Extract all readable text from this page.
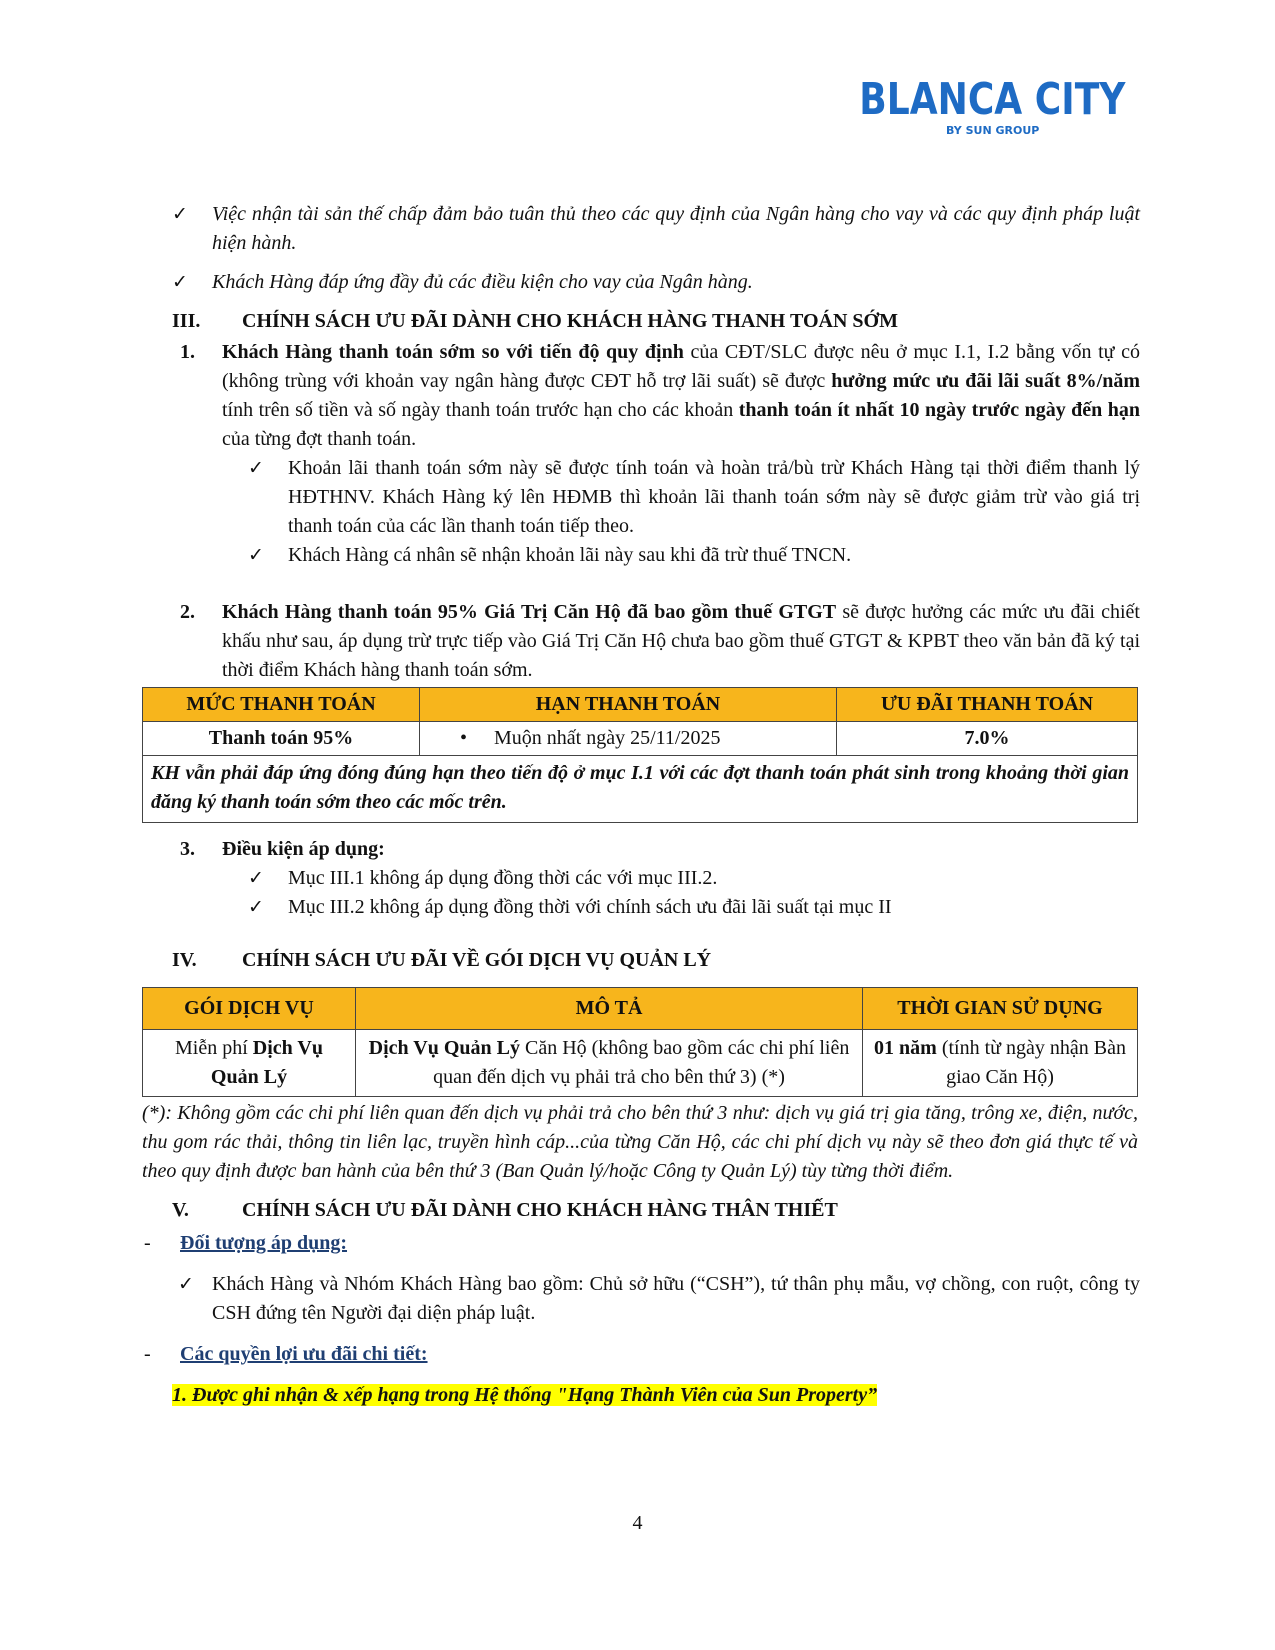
BLANCA CITY
BY SUN GROUP
✓	Việc nhận tài sản thế chấp đảm bảo tuân thủ theo các quy định của Ngân hàng cho vay và các quy định pháp luật hiện hành.
✓	Khách Hàng đáp ứng đầy đủ các điều kiện cho vay của Ngân hàng.
III.	CHÍNH SÁCH ƯU ĐÃI DÀNH CHO KHÁCH HÀNG THANH TOÁN SỚM
1.	Khách Hàng thanh toán sớm so với tiến độ quy định của CĐT/SLC được nêu ở mục I.1, I.2 bằng vốn tự có (không trùng với khoản vay ngân hàng được CĐT hỗ trợ lãi suất) sẽ được hưởng mức ưu đãi lãi suất 8%/năm tính trên số tiền và số ngày thanh toán trước hạn cho các khoản thanh toán ít nhất 10 ngày trước ngày đến hạn của từng đợt thanh toán.
✓	Khoản lãi thanh toán sớm này sẽ được tính toán và hoàn trả/bù trừ Khách Hàng tại thời điểm thanh lý HĐTHNV. Khách Hàng ký lên HĐMB thì khoản lãi thanh toán sớm này sẽ được giảm trừ vào giá trị thanh toán của các lần thanh toán tiếp theo.
✓	Khách Hàng cá nhân sẽ nhận khoản lãi này sau khi đã trừ thuế TNCN.
2.	Khách Hàng thanh toán 95% Giá Trị Căn Hộ đã bao gồm thuế GTGT sẽ được hưởng các mức ưu đãi chiết khấu như sau, áp dụng trừ trực tiếp vào Giá Trị Căn Hộ chưa bao gồm thuế GTGT & KPBT theo văn bản đã ký tại thời điểm Khách hàng thanh toán sớm.
MỨC THANH TOÁN	HẠN THANH TOÁN	ƯU ĐÃI THANH TOÁN
Thanh toán 95%	• Muộn nhất ngày 25/11/2025	7.0%
KH vẫn phải đáp ứng đóng đúng hạn theo tiến độ ở mục I.1 với các đợt thanh toán phát sinh trong khoảng thời gian đăng ký thanh toán sớm theo các mốc trên.		
3.	Điều kiện áp dụng:
✓	Mục III.1 không áp dụng đồng thời các với mục III.2.
✓	Mục III.2 không áp dụng đồng thời với chính sách ưu đãi lãi suất tại mục II
IV.	CHÍNH SÁCH ƯU ĐÃI VỀ GÓI DỊCH VỤ QUẢN LÝ
GÓI DỊCH VỤ	MÔ TẢ	THỜI GIAN SỬ DỤNG
Miễn phí Dịch Vụ Quản Lý	Dịch Vụ Quản Lý Căn Hộ (không bao gồm các chi phí liên quan đến dịch vụ phải trả cho bên thứ 3) (*)	01 năm (tính từ ngày nhận Bàn giao Căn Hộ)
(*): Không gồm các chi phí liên quan đến dịch vụ phải trả cho bên thứ 3 như: dịch vụ giá trị gia tăng, trông xe, điện, nước, thu gom rác thải, thông tin liên lạc, truyền hình cáp...của từng Căn Hộ, các chi phí dịch vụ này sẽ theo đơn giá thực tế và theo quy định được ban hành của bên thứ 3 (Ban Quản lý/hoặc Công ty Quản Lý) tùy từng thời điểm.
V.	CHÍNH SÁCH ƯU ĐÃI DÀNH CHO KHÁCH HÀNG THÂN THIẾT
-	Đối tượng áp dụng:
✓ Khách Hàng và Nhóm Khách Hàng bao gồm: Chủ sở hữu (“CSH”), tứ thân phụ mẫu, vợ chồng, con ruột, công ty CSH đứng tên Người đại diện pháp luật.
-	Các quyền lợi ưu đãi chi tiết:
1. Được ghi nhận & xếp hạng trong Hệ thống "Hạng Thành Viên của Sun Property”
4
